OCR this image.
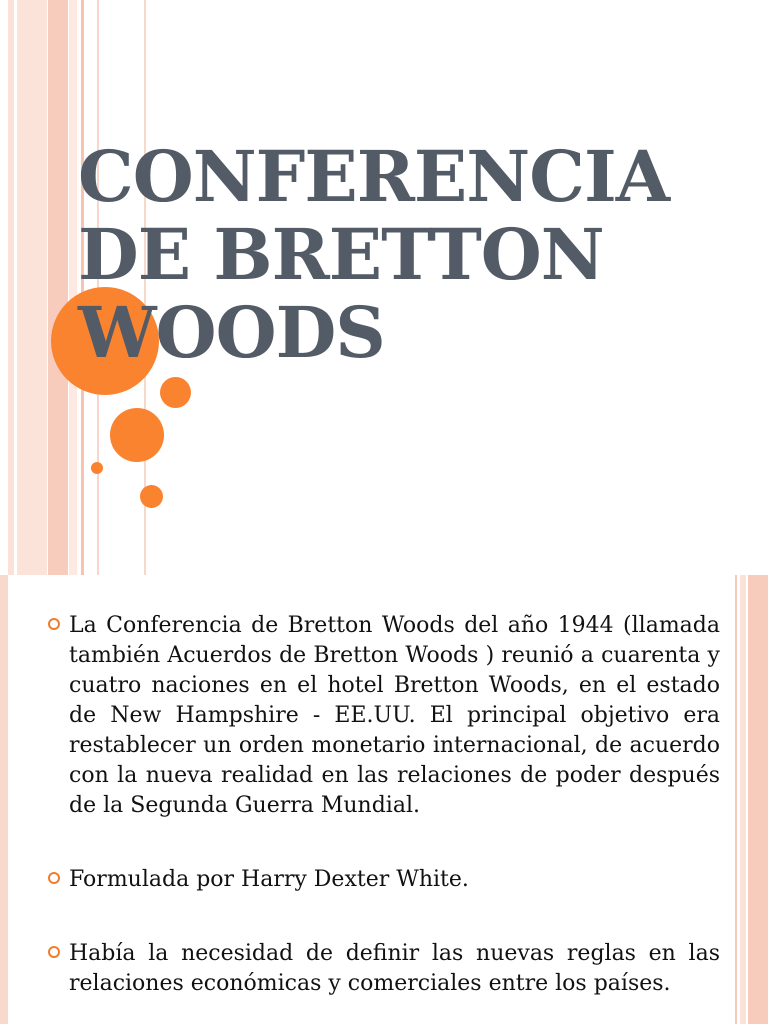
CONFERENCIA DE BRETTON WOODS
La Conferencia de Bretton Woods del año 1944 (llamada también Acuerdos de Bretton Woods ) reunió a cuarenta y cuatro naciones en el hotel Bretton Woods, en el estado de New Hampshire - EE.UU. El principal objetivo era restablecer un orden monetario internacional, de acuerdo con la nueva realidad en las relaciones de poder después de la Segunda Guerra Mundial.
Formulada por Harry Dexter White.
Había la necesidad de definir las nuevas reglas en las relaciones económicas y comerciales entre los países.
